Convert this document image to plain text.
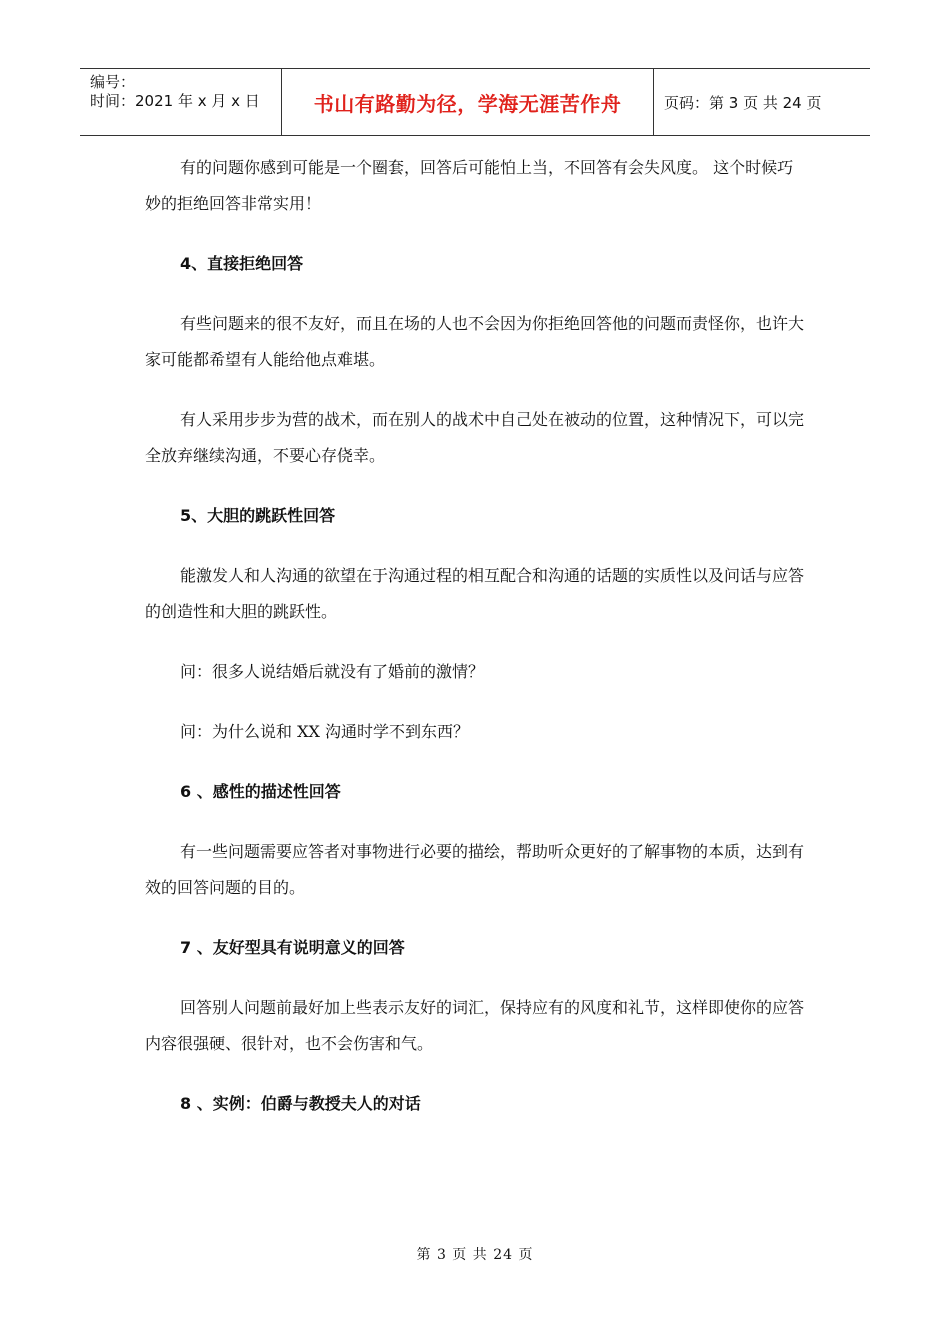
编号：
时间：2021 年 x 月 x 日	书山有路勤为径，学海无涯苦作舟	页码：第 3 页 共 24 页

有的问题你感到可能是一个圈套，回答后可能怕上当，不回答有会失风度。 这个时候巧妙的拒绝回答非常实用！

4、直接拒绝回答

有些问题来的很不友好，而且在场的人也不会因为你拒绝回答他的问题而责怪你，也许大家可能都希望有人能给他点难堪。

有人采用步步为营的战术，而在别人的战术中自己处在被动的位置，这种情况下，可以完全放弃继续沟通，不要心存侥幸。

5、大胆的跳跃性回答

能激发人和人沟通的欲望在于沟通过程的相互配合和沟通的话题的实质性以及问话与应答的创造性和大胆的跳跃性。

问：很多人说结婚后就没有了婚前的激情？

问：为什么说和 XX 沟通时学不到东西？

6 、感性的描述性回答

有一些问题需要应答者对事物进行必要的描绘，帮助听众更好的了解事物的本质，达到有效的回答问题的目的。

7 、友好型具有说明意义的回答

回答别人问题前最好加上些表示友好的词汇，保持应有的风度和礼节，这样即使你的应答内容很强硬、很针对，也不会伤害和气。

8 、实例：伯爵与教授夫人的对话
第 3 页 共 24 页
